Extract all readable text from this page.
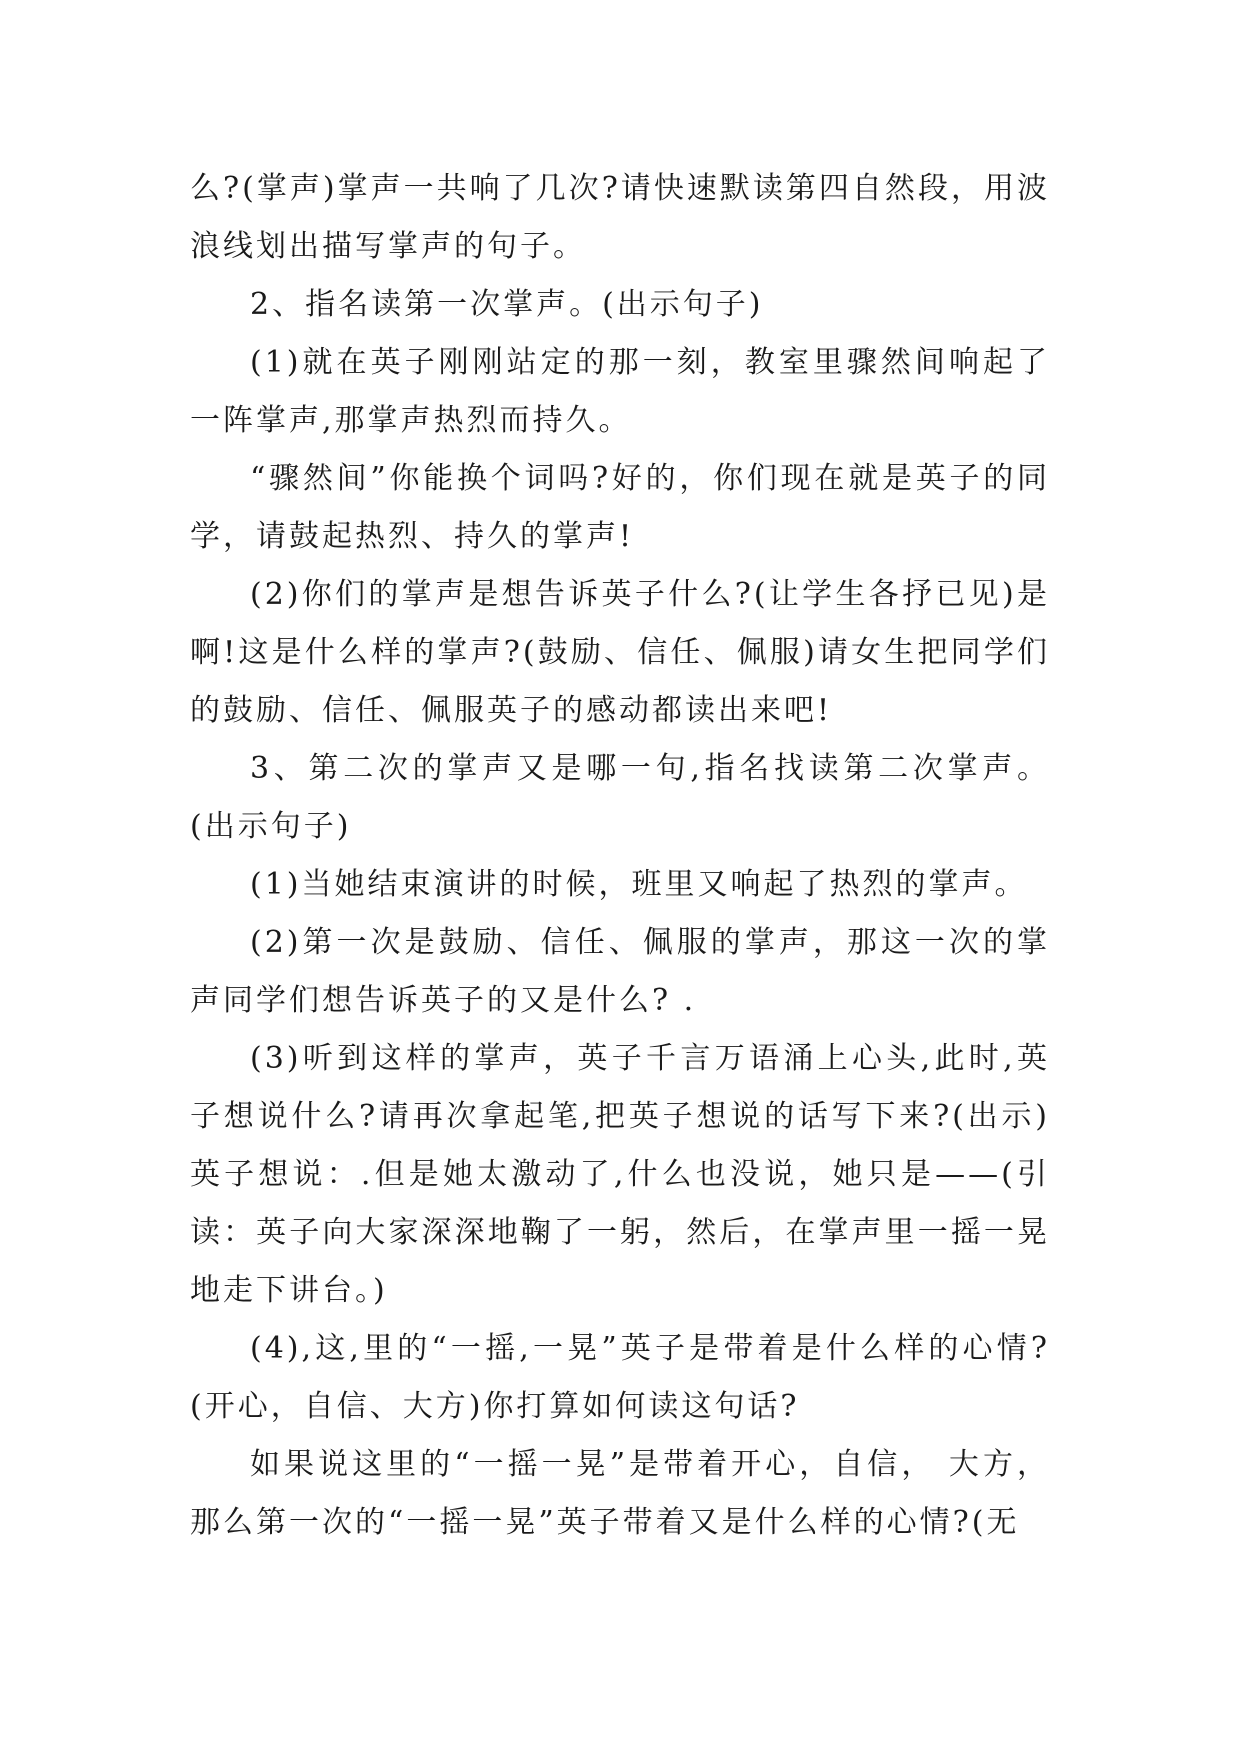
么?(掌声)掌声一共响了几次?请快速默读第四自然段，用波浪线划出描写掌声的句子。

2、指名读第一次掌声。(出示句子)

(1)就在英子刚刚站定的那一刻，教室里骤然间响起了一阵掌声,那掌声热烈而持久。

“骤然间”你能换个词吗?好的，你们现在就是英子的同学，请鼓起热烈、持久的掌声!

(2)你们的掌声是想告诉英子什么?(让学生各抒已见)是啊!这是什么样的掌声?(鼓励、信任、佩服)请女生把同学们的鼓励、信任、佩服英子的感动都读出来吧!

3、第二次的掌声又是哪一句,指名找读第二次掌声。(出示句子)

(1)当她结束演讲的时候，班里又响起了热烈的掌声。

(2)第一次是鼓励、信任、佩服的掌声，那这一次的掌声同学们想告诉英子的又是什么? .

(3)听到这样的掌声，英子千言万语涌上心头,此时,英子想说什么?请再次拿起笔,把英子想说的话写下来?(出示)英子想说：.但是她太激动了,什么也没说，她只是——(引读：英子向大家深深地鞠了一躬，然后，在掌声里一摇一晃地走下讲台。)

(4),这,里的“一摇,一晃”英子是带着是什么样的心情?(开心，自信、大方)你打算如何读这句话?

如果说这里的“一摇一晃”是带着开心，自信， 大方，那么第一次的“一摇一晃”英子带着又是什么样的心情?(无
